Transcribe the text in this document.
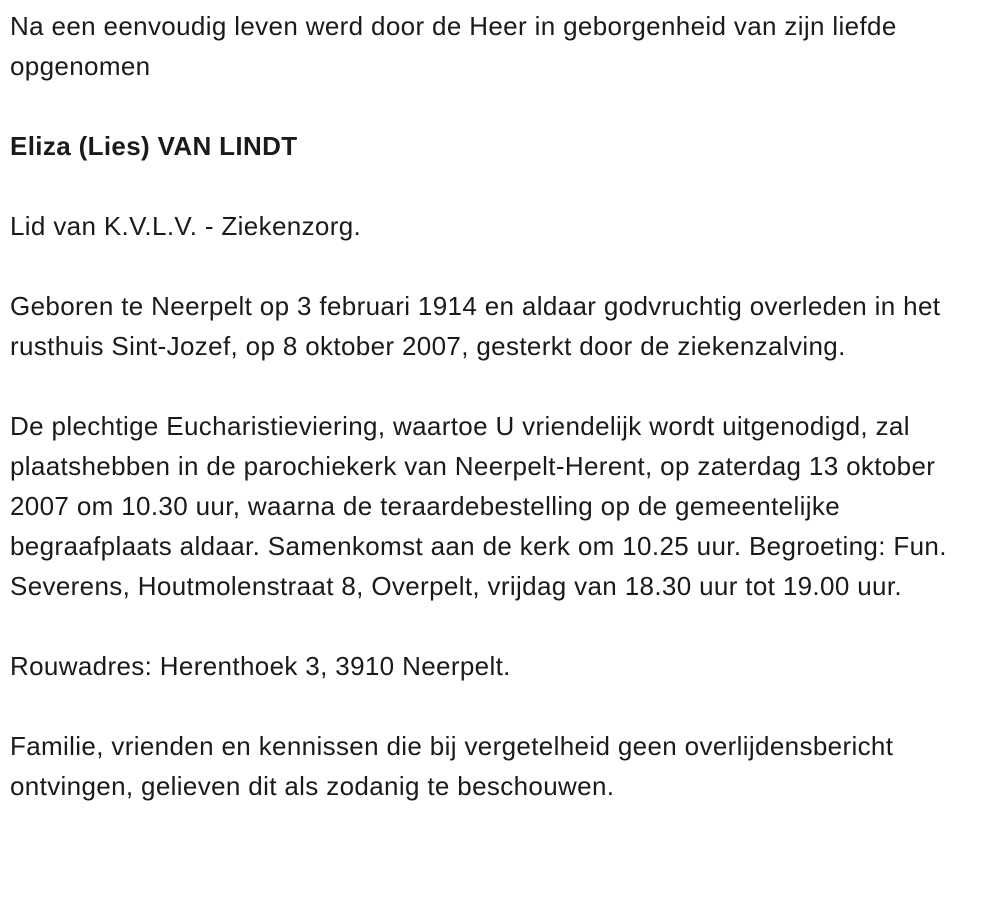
Na een eenvoudig leven werd door de Heer in geborgenheid van zijn liefde opgenomen

Eliza (Lies) VAN LINDT

Lid van K.V.L.V. - Ziekenzorg.

Geboren te Neerpelt op 3 februari 1914 en aldaar godvruchtig overleden in het rusthuis Sint-Jozef, op 8 oktober 2007, gesterkt door de ziekenzalving.

De plechtige Eucharistieviering, waartoe U vriendelijk wordt uitgenodigd, zal plaatshebben in de parochiekerk van Neerpelt-Herent, op zaterdag 13 oktober 2007 om 10.30 uur, waarna de teraardebestelling op de gemeentelijke begraafplaats aldaar. Samenkomst aan de kerk om 10.25 uur. Begroeting: Fun. Severens, Houtmolenstraat 8, Overpelt, vrijdag van 18.30 uur tot 19.00 uur.

Rouwadres: Herenthoek 3, 3910 Neerpelt.

Familie, vrienden en kennissen die bij vergetelheid geen overlijdensbericht ontvingen, gelieven dit als zodanig te beschouwen.
